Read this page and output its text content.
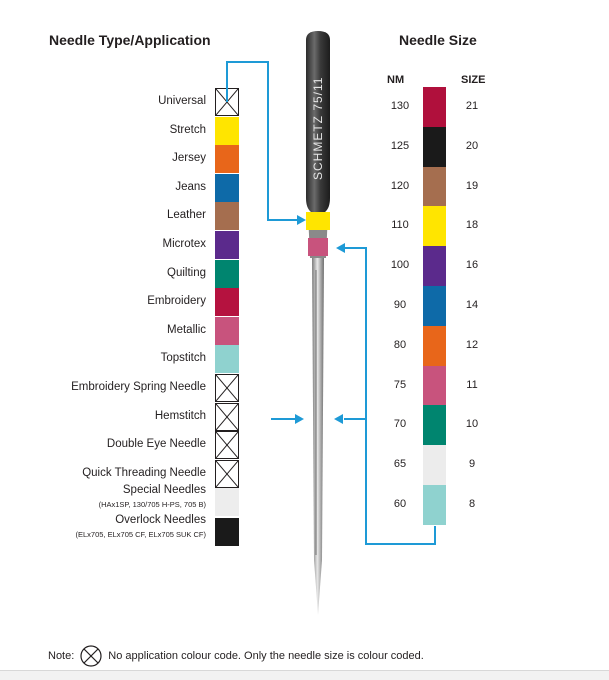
Needle Type/Application	Needle Size
NM	SIZE
Universal
Stretch
Jersey
Jeans
Leather
Microtex
Quilting
Embroidery
Metallic
Topstitch
Embroidery Spring Needle
Hemstitch
Double Eye Needle
Quick Threading Needle
Special Needles
(HAx1SP, 130/705 H-PS, 705 B)
Overlock Needles
(ELx705, ELx705 CF, ELx705 SUK CF)
130	21
125	20
120	19
110	18
100	16
90	14
80	12
75	11
70	10
65	9
60	8
SCHMETZ 75/11
Note:	No application colour code. Only the needle size is colour coded.
